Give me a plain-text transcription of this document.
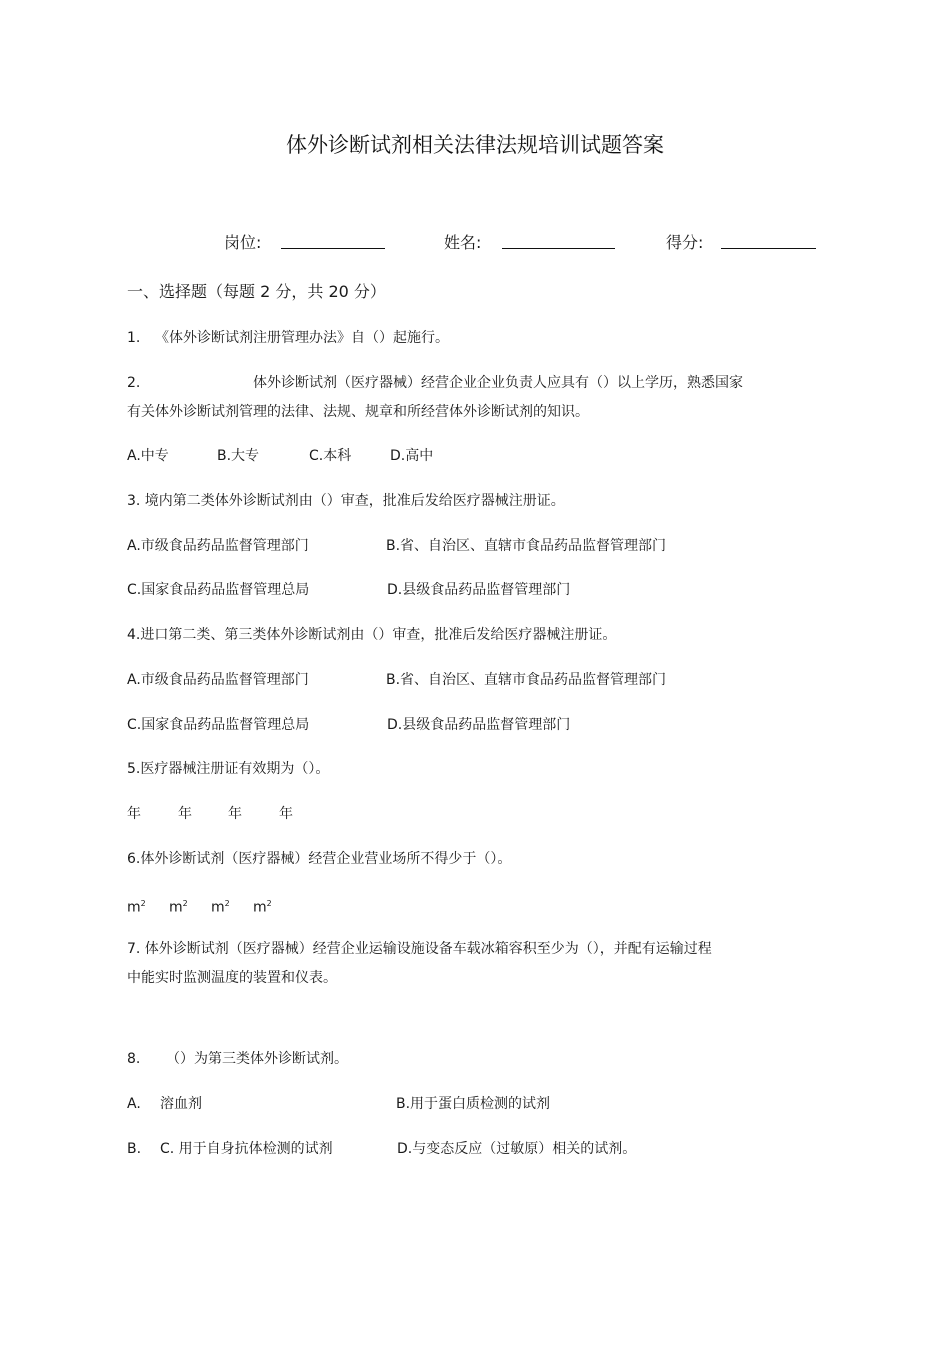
体外诊断试剂相关法律法规培训试题答案
岗位:	姓名:	得分:
一、选择题（每题 2 分，共 20 分）
1. 《体外诊断试剂注册管理办法》自（）起施行。
2.	体外诊断试剂（医疗器械）经营企业企业负责人应具有（）以上学历，熟悉国家
有关体外诊断试剂管理的法律、法规、规章和所经营体外诊断试剂的知识。
A.中专	B.大专	C.本科	D.高中
3. 境内第二类体外诊断试剂由（）审查，批准后发给医疗器械注册证。
A.市级食品药品监督管理部门	B.省、自治区、直辖市食品药品监督管理部门
C.国家食品药品监督管理总局	D.县级食品药品监督管理部门
4.进口第二类、第三类体外诊断试剂由（）审查，批准后发给医疗器械注册证。
A.市级食品药品监督管理部门	B.省、自治区、直辖市食品药品监督管理部门
C.国家食品药品监督管理总局	D.县级食品药品监督管理部门
5.医疗器械注册证有效期为（）。
年	年	年	年
6.体外诊断试剂（医疗器械）经营企业营业场所不得少于（）。
$m^2$ $m^2$ $m^2$ $m^2$
7. 体外诊断试剂（医疗器械）经营企业运输设施设备车载冰箱容积至少为（），并配有运输过程
中能实时监测温度的装置和仪表。
8. （）为第三类体外诊断试剂。
A. 溶血剂	B.用于蛋白质检测的试剂
B. C. 用于自身抗体检测的试剂	D.与变态反应（过敏原）相关的试剂。
